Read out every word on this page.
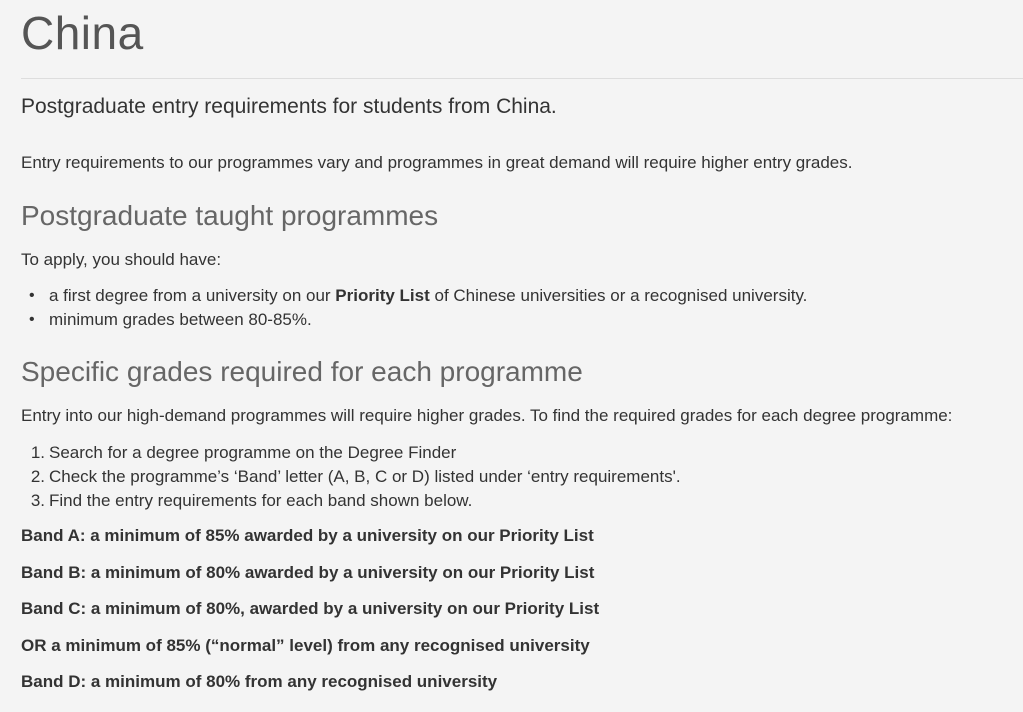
China

Postgraduate entry requirements for students from China.

Entry requirements to our programmes vary and programmes in great demand will require higher entry grades.

Postgraduate taught programmes

To apply, you should have:

• a first degree from a university on our Priority List of Chinese universities or a recognised university.
• minimum grades between 80-85%.
Specific grades required for each programme

Entry into our high-demand programmes will require higher grades. To find the required grades for each degree programme:

1. Search for a degree programme on the Degree Finder
2. Check the programme’s ‘Band’ letter (A, B, C or D) listed under ‘entry requirements'.
3. Find the entry requirements for each band shown below.

Band A: a minimum of 85% awarded by a university on our Priority List

Band B: a minimum of 80% awarded by a university on our Priority List

Band C: a minimum of 80%, awarded by a university on our Priority List

OR a minimum of 85% (“normal” level) from any recognised university

Band D: a minimum of 80% from any recognised university
